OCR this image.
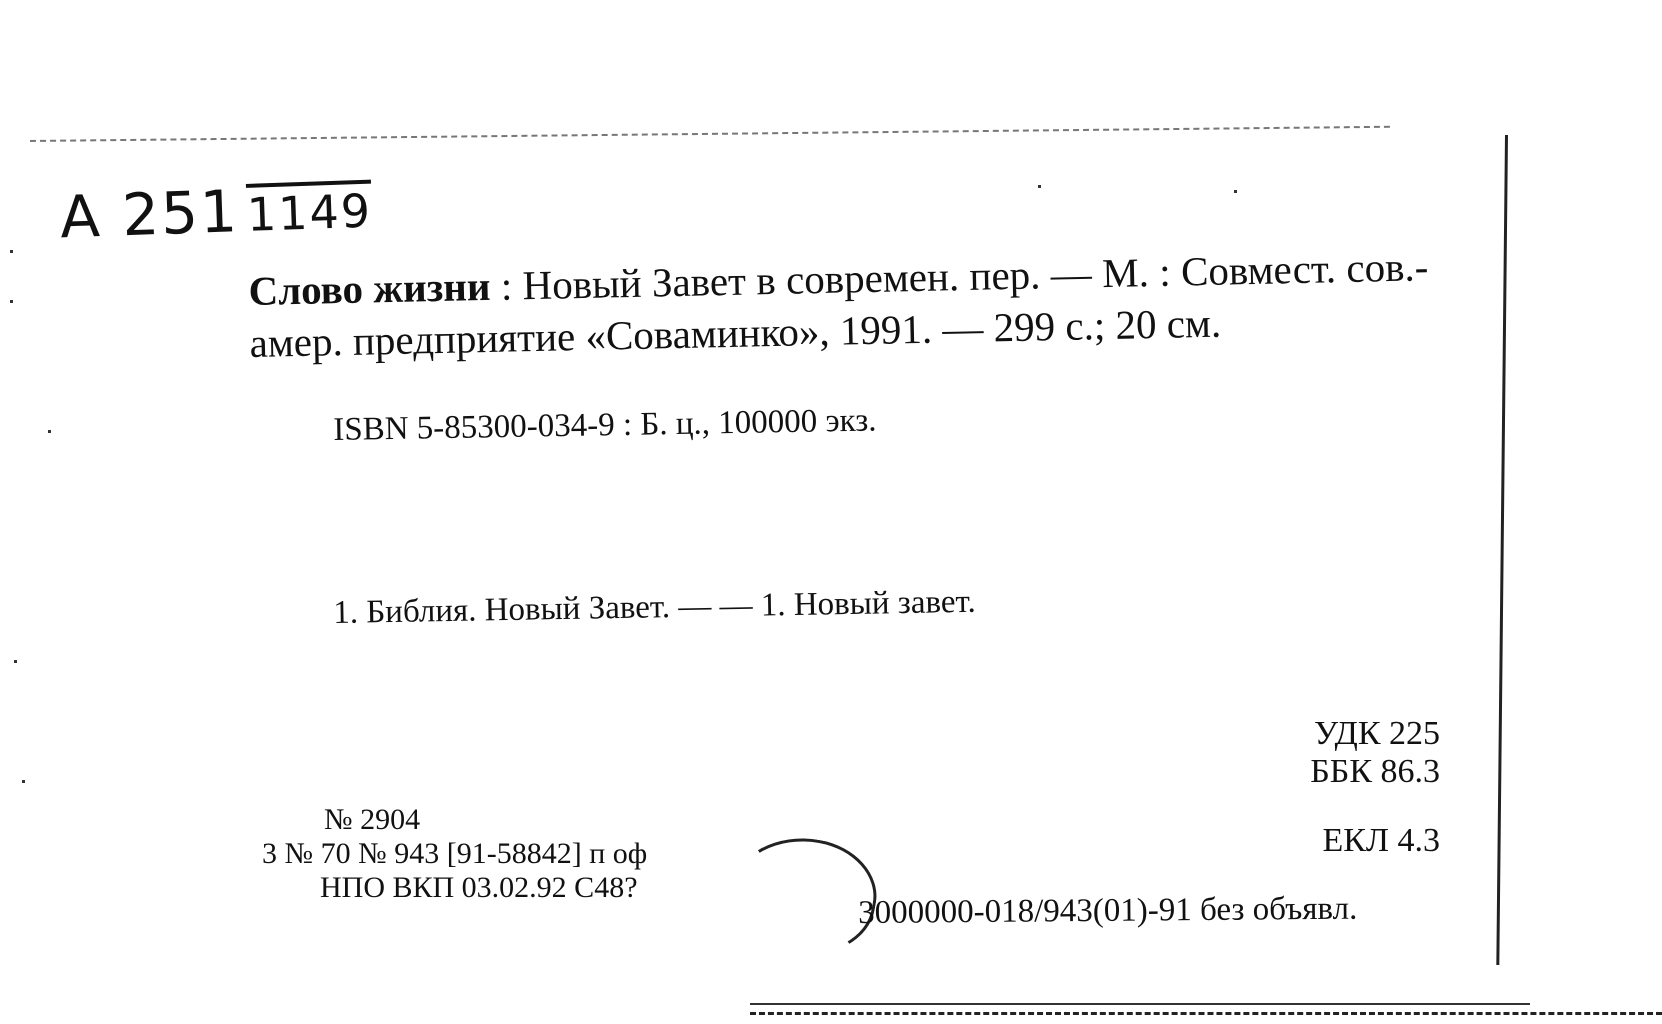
A 251 1149
Слово жизни : Новый Завет в современ. пер. — М. : Совмест. сов.-амер. предприятие «Соваминко», 1991. — 299 с.; 20 см.
ISBN 5-85300-034-9 : Б. ц., 100000 экз.
1. Библия. Новый Завет. — — 1. Новый завет.
УДК 225
ББК 86.3
ЕКЛ 4.3
№ 2904
3 № 70 № 943 [91-58842] п оф
НПО ВКП 03.02.92 С48?
3000000-018/943(01)-91 без объявл.
